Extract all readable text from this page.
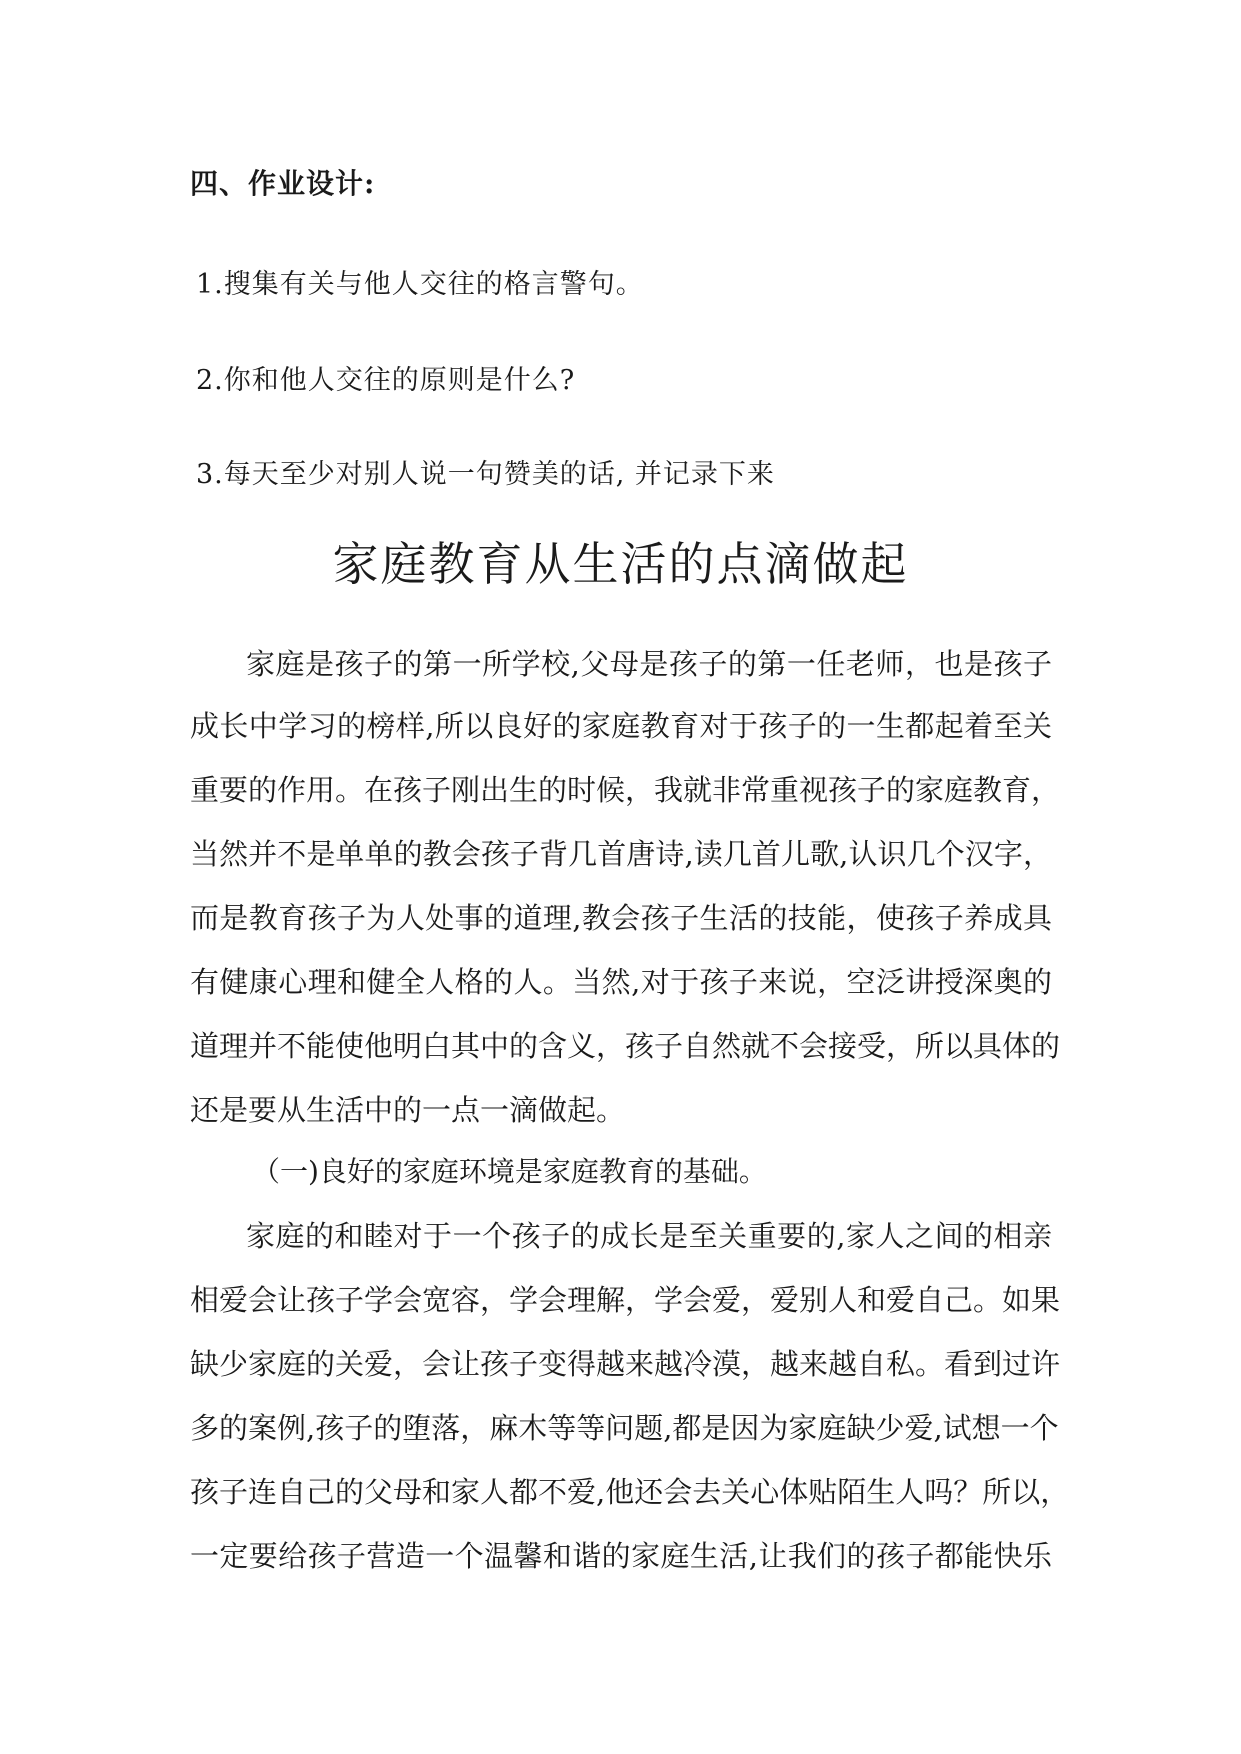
四、作业设计:
1.搜集有关与他人交往的格言警句。
2.你和他人交往的原则是什么?
3.每天至少对别人说一句赞美的话, 并记录下来
家庭教育从生活的点滴做起
家庭是孩子的第一所学校,父母是孩子的第一任老师，也是孩子
成长中学习的榜样,所以良好的家庭教育对于孩子的一生都起着至关
重要的作用。在孩子刚出生的时候，我就非常重视孩子的家庭教育，
当然并不是单单的教会孩子背几首唐诗,读几首儿歌,认识几个汉字，
而是教育孩子为人处事的道理,教会孩子生活的技能，使孩子养成具
有健康心理和健全人格的人。当然,对于孩子来说，空泛讲授深奥的
道理并不能使他明白其中的含义，孩子自然就不会接受，所以具体的
还是要从生活中的一点一滴做起。
（一)良好的家庭环境是家庭教育的基础。
家庭的和睦对于一个孩子的成长是至关重要的,家人之间的相亲
相爱会让孩子学会宽容，学会理解，学会爱，爱别人和爱自己。如果
缺少家庭的关爱，会让孩子变得越来越冷漠，越来越自私。看到过许
多的案例,孩子的堕落，麻木等等问题,都是因为家庭缺少爱,试想一个
孩子连自己的父母和家人都不爱,他还会去关心体贴陌生人吗？所以，
一定要给孩子营造一个温馨和谐的家庭生活,让我们的孩子都能快乐
